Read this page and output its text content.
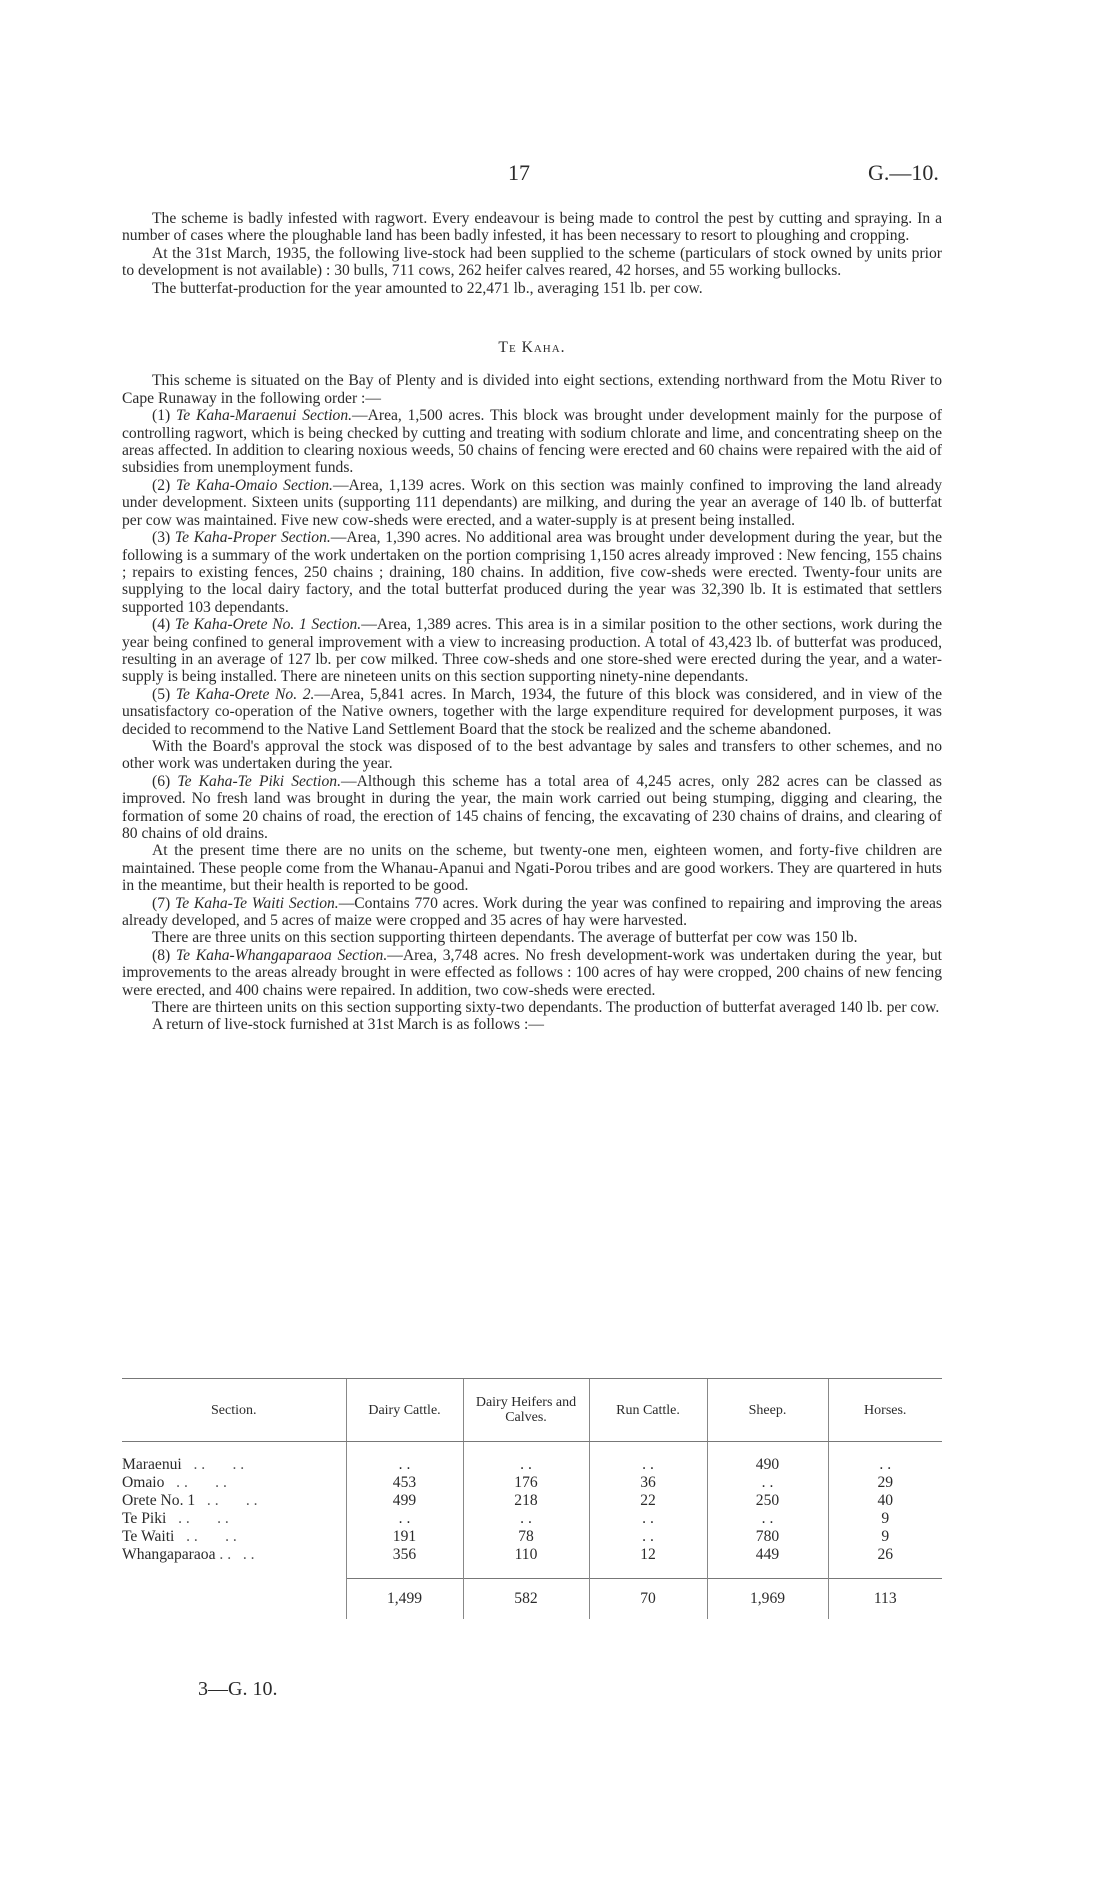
17	G.—10.

The scheme is badly infested with ragwort. Every endeavour is being made to control the pest by cutting and spraying. In a number of cases where the ploughable land has been badly infested, it has been necessary to resort to ploughing and cropping.

At the 31st March, 1935, the following live-stock had been supplied to the scheme (particulars of stock owned by units prior to development is not available) : 30 bulls, 711 cows, 262 heifer calves reared, 42 horses, and 55 working bullocks.

The butterfat-production for the year amounted to 22,471 lb., averaging 151 lb. per cow.

Te Kaha.

This scheme is situated on the Bay of Plenty and is divided into eight sections, extending northward from the Motu River to Cape Runaway in the following order :—

(1) Te Kaha-Maraenui Section.—Area, 1,500 acres. This block was brought under development mainly for the purpose of controlling ragwort, which is being checked by cutting and treating with sodium chlorate and lime, and concentrating sheep on the areas affected. In addition to clearing noxious weeds, 50 chains of fencing were erected and 60 chains were repaired with the aid of subsidies from unemployment funds.

(2) Te Kaha-Omaio Section.—Area, 1,139 acres. Work on this section was mainly confined to improving the land already under development. Sixteen units (supporting 111 dependants) are milking, and during the year an average of 140 lb. of butterfat per cow was maintained. Five new cow-sheds were erected, and a water-supply is at present being installed.

(3) Te Kaha-Proper Section.—Area, 1,390 acres. No additional area was brought under development during the year, but the following is a summary of the work undertaken on the portion comprising 1,150 acres already improved : New fencing, 155 chains ; repairs to existing fences, 250 chains ; draining, 180 chains. In addition, five cow-sheds were erected. Twenty-four units are supplying to the local dairy factory, and the total butterfat produced during the year was 32,390 lb. It is estimated that settlers supported 103 dependants.

(4) Te Kaha-Orete No. 1 Section.—Area, 1,389 acres. This area is in a similar position to the other sections, work during the year being confined to general improvement with a view to increasing production. A total of 43,423 lb. of butterfat was produced, resulting in an average of 127 lb. per cow milked. Three cow-sheds and one store-shed were erected during the year, and a water-supply is being installed. There are nineteen units on this section supporting ninety-nine dependants.

(5) Te Kaha-Orete No. 2.—Area, 5,841 acres. In March, 1934, the future of this block was considered, and in view of the unsatisfactory co-operation of the Native owners, together with the large expenditure required for development purposes, it was decided to recommend to the Native Land Settlement Board that the stock be realized and the scheme abandoned.

With the Board's approval the stock was disposed of to the best advantage by sales and transfers to other schemes, and no other work was undertaken during the year.

(6) Te Kaha-Te Piki Section.—Although this scheme has a total area of 4,245 acres, only 282 acres can be classed as improved. No fresh land was brought in during the year, the main work carried out being stumping, digging and clearing, the formation of some 20 chains of road, the erection of 145 chains of fencing, the excavating of 230 chains of drains, and clearing of 80 chains of old drains.

At the present time there are no units on the scheme, but twenty-one men, eighteen women, and forty-five children are maintained. These people come from the Whanau-Apanui and Ngati-Porou tribes and are good workers. They are quartered in huts in the meantime, but their health is reported to be good.

(7) Te Kaha-Te Waiti Section.—Contains 770 acres. Work during the year was confined to repairing and improving the areas already developed, and 5 acres of maize were cropped and 35 acres of hay were harvested.

There are three units on this section supporting thirteen dependants. The average of butterfat per cow was 150 lb.

(8) Te Kaha-Whangaparaoa Section.—Area, 3,748 acres. No fresh development-work was undertaken during the year, but improvements to the areas already brought in were effected as follows : 100 acres of hay were cropped, 200 chains of new fencing were erected, and 400 chains were repaired. In addition, two cow-sheds were erected.

There are thirteen units on this section supporting sixty-two dependants. The production of butterfat averaged 140 lb. per cow.

A return of live-stock furnished at 31st March is as follows :—

Section.	Dairy Cattle.	Dairy Heifers and Calves.	Run Cattle.	Sheep.	Horses.

Maraenui   . .       . .	. .	. .	. .	490	. .
Omaio   . .       . .	453	176	36	. .	29
Orete No. 1   . .       . .	499	218	22	250	40
Te Piki   . .       . .	. .	. .	. .	. .	9
Te Waiti   . .       . .	191	78	. .	780	9
Whangaparaoa . .   . .	356	110	12	449	26
	1,499	582	70	1,969	113
3—G. 10.
